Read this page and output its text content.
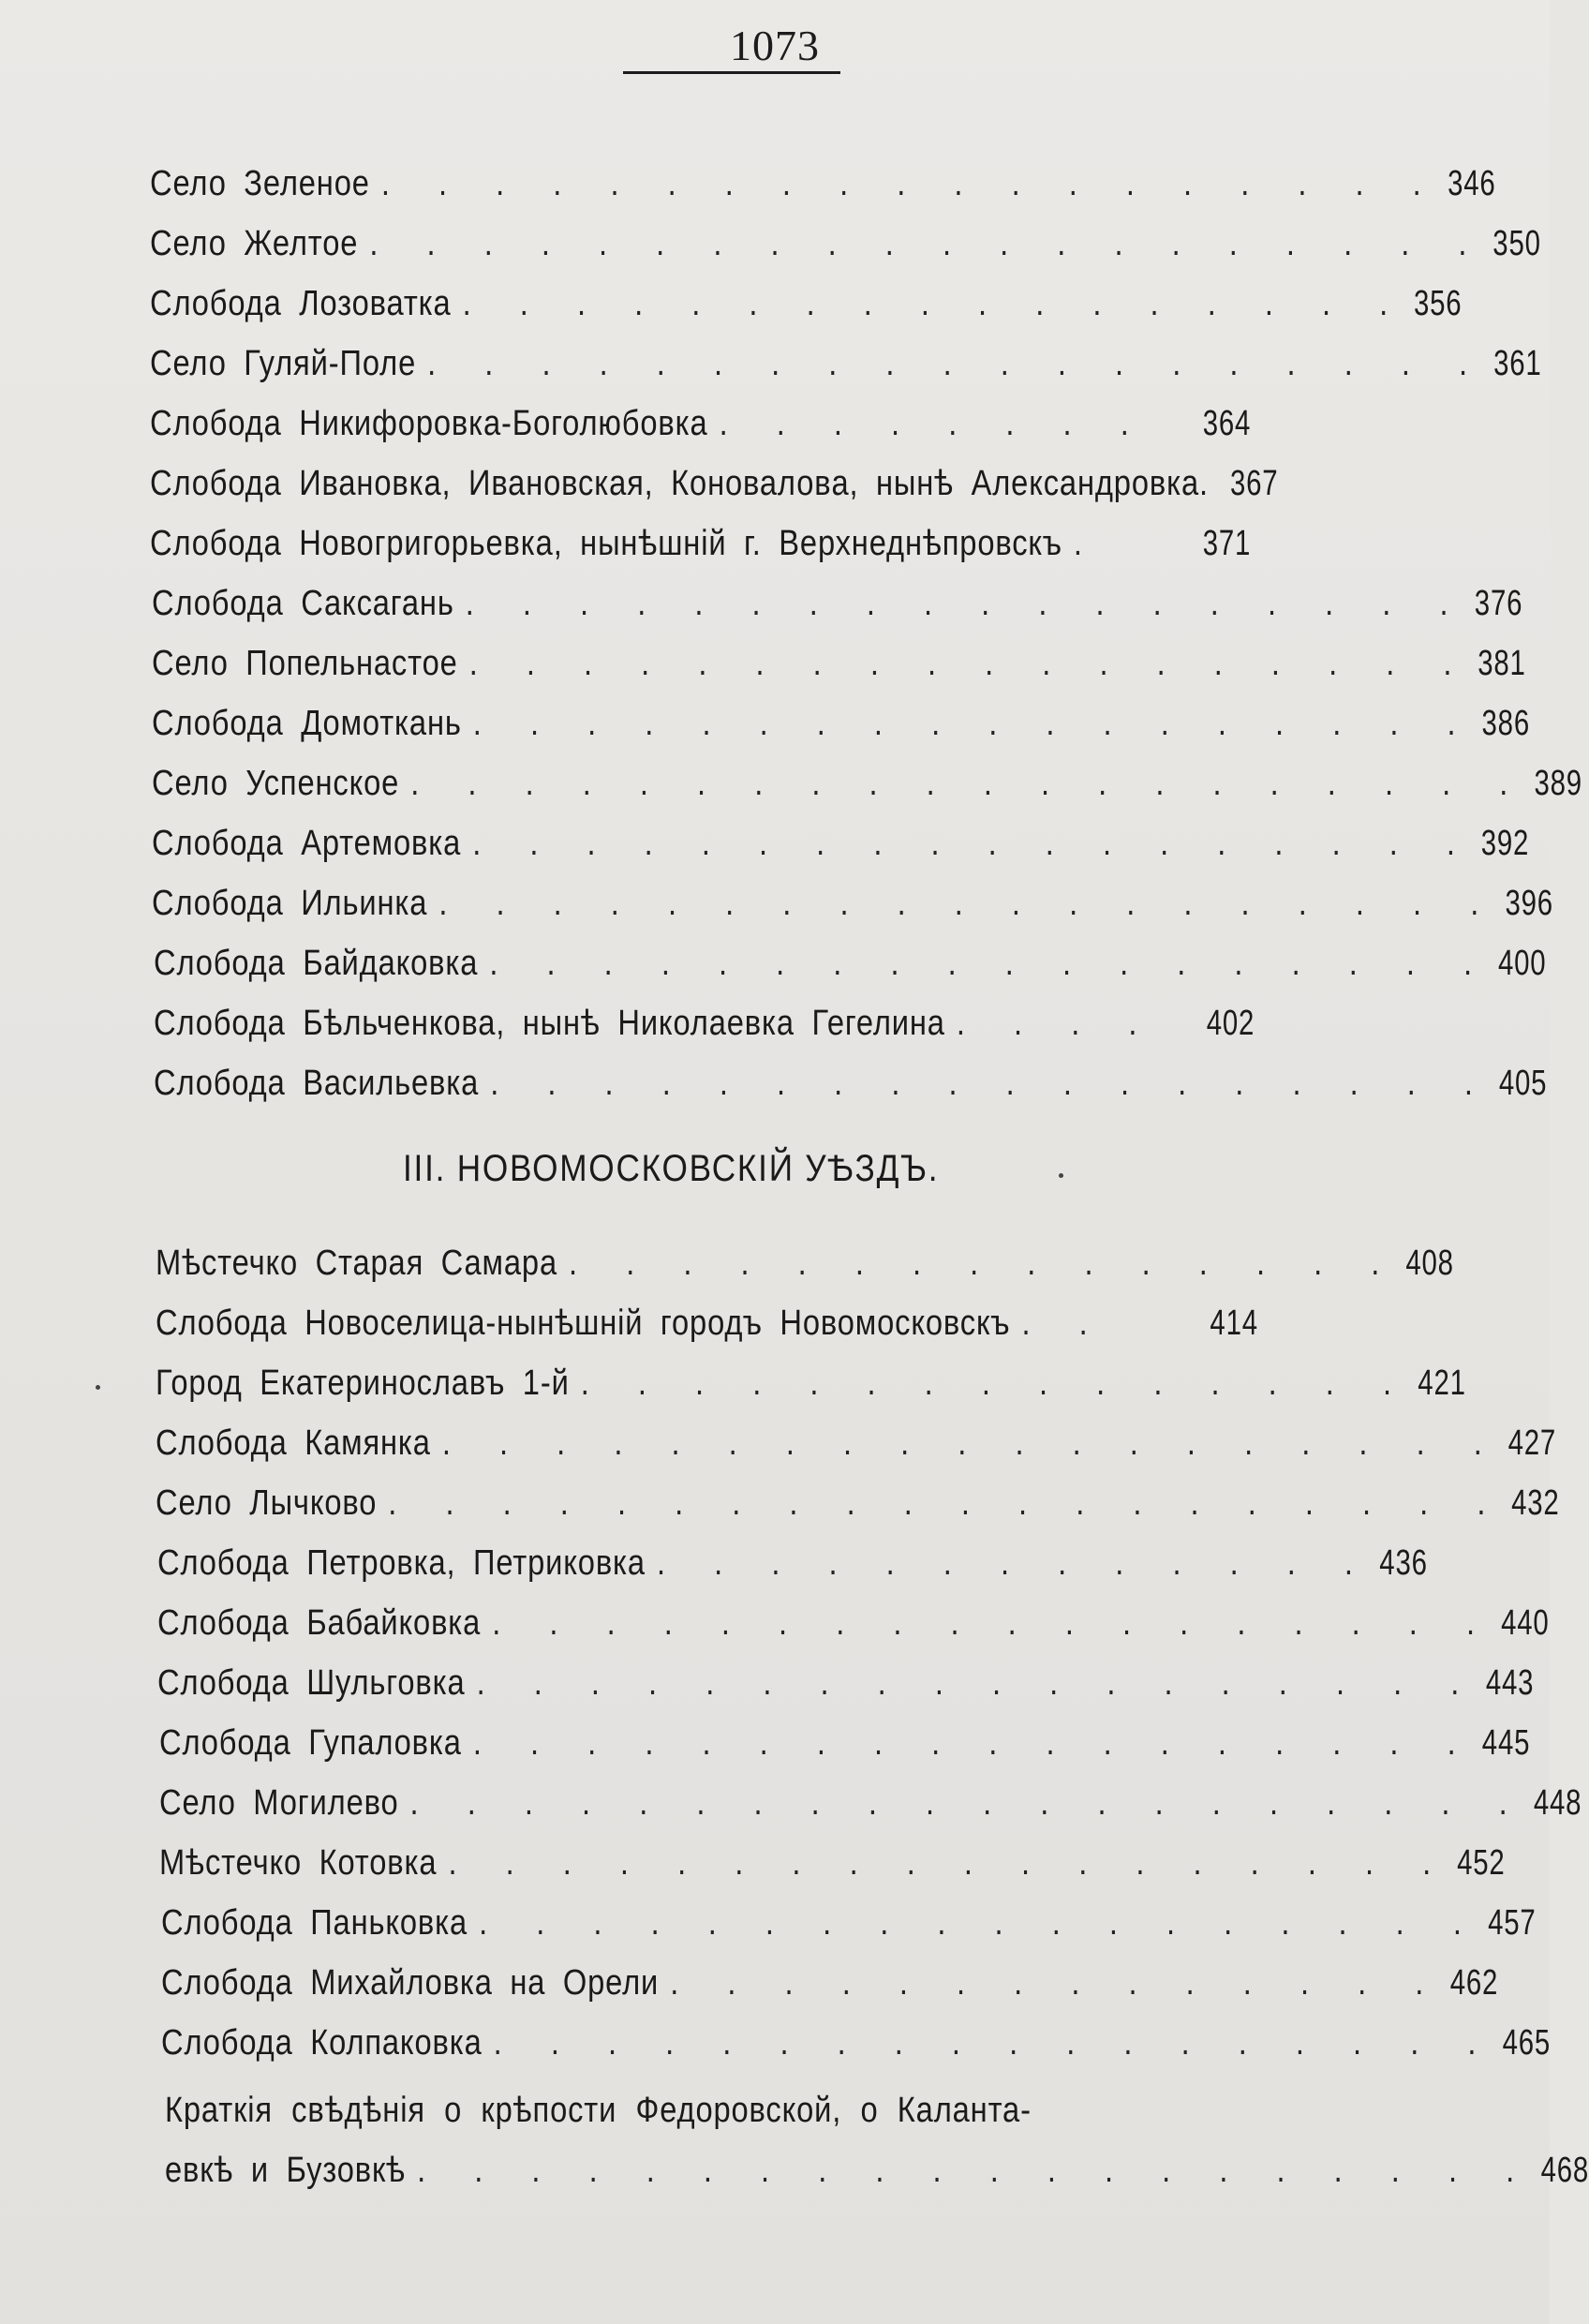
1073
Село Зеленое . . . . . . . . . . . . . . . . . . . 346
Село Желтое . . . . . . . . . . . . . . . . . . . . 350
Слобода Лозоватка . . . . . . . . . . . . . . . . . 356
Село Гуляй-Поле . . . . . . . . . . . . . . . . . . . 361
Слобода Никифоровка-Боголюбовка . . . . . . . .	364
Слобода Ивановка, Ивановская, Коноваловa, нынѣ Александровка. 367
Слобода Новогригорьевка, нынѣшній г. Верхнеднѣпровскъ .	371
Слобода Саксагань . . . . . . . . . . . . . . . . . . 376
Село Попельнастое . . . . . . . . . . . . . . . . . . 381
Слобода Домоткань . . . . . . . . . . . . . . . . . . 386
Село Успенское . . . . . . . . . . . . . . . . . . . . 389
Слобода Артемовка . . . . . . . . . . . . . . . . . . 392
Слобода Ильинка . . . . . . . . . . . . . . . . . . . 396
Слобода Байдаковка . . . . . . . . . . . . . . . . . . 400
Слобода Бѣльченкова, нынѣ Николаевка Гегелина . . . .	402
Слобода Васильевка . . . . . . . . . . . . . . . . . . 405
III. НОВОМОСКОВСКІЙ УѢЗДЪ.
Мѣстечко Старая Самара . . . . . . . . . . . . . . . 408
Слобода Новоселица-нынѣшній городъ Новомосковскъ . .	414
Город Екатеринославъ 1-й . . . . . . . . . . . . . . . 421
Слобода Камянка . . . . . . . . . . . . . . . . . . . 427
Село Лычково . . . . . . . . . . . . . . . . . . . . 432
Слобода Петровка, Петриковка . . . . . . . . . . . . . 436
Слобода Бабайковка . . . . . . . . . . . . . . . . . . 440
Слобода Шульговка . . . . . . . . . . . . . . . . . . 443
Слобода Гупаловка . . . . . . . . . . . . . . . . . . 445
Село Могилево . . . . . . . . . . . . . . . . . . . . 448
Мѣстечко Котовка . . . . . . . . . . . . . . . . . . 452
Слобода Паньковка . . . . . . . . . . . . . . . . . . 457
Слобода Михайловка на Орели . . . . . . . . . . . . . . 462
Слобода Колпаковка . . . . . . . . . . . . . . . . . . 465
Краткія свѣдѣнія о крѣпости Федоровской, о Каланта-
евкѣ и Бузовкѣ . . . . . . . . . . . . . . . . . . . . 468
